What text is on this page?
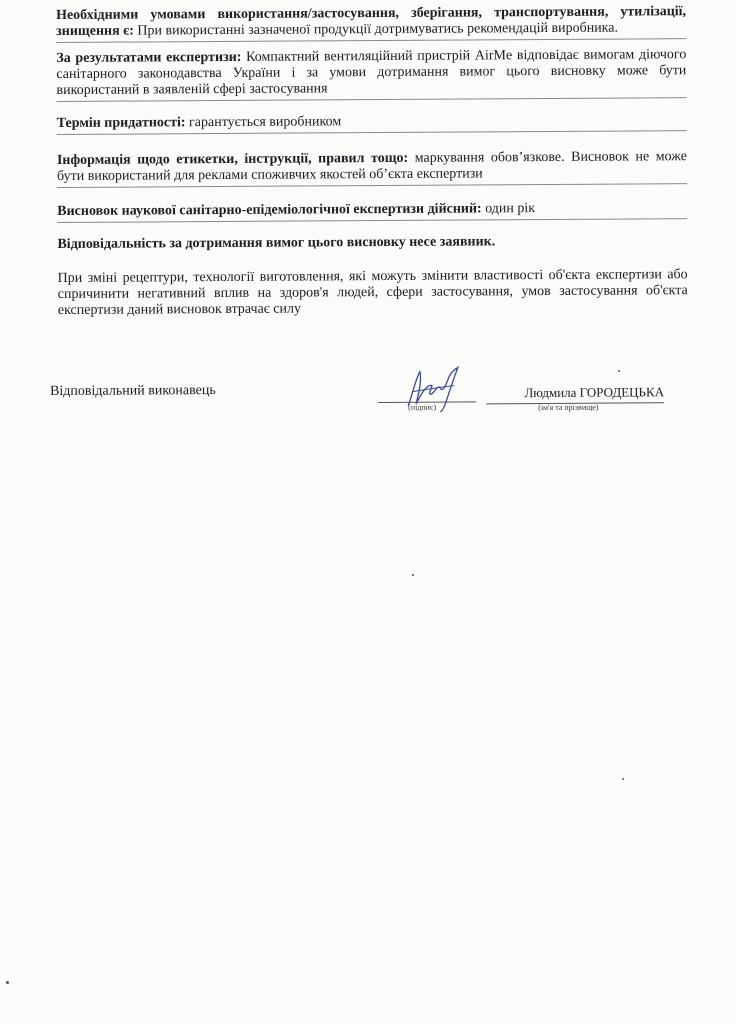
Необхідними умовами використання/застосування, зберігання, транспортування, утилізації, знищення є: При використанні зазначеної продукції дотримуватись рекомендацій виробника.
За результатами експертизи: Компактний вентиляційний пристрій AirMe відповідає вимогам діючого санітарного законодавства України і за умови дотримання вимог цього висновку може бути використаний в заявленій сфері застосування
Термін придатності: гарантується виробником
Інформація щодо етикетки, інструкції, правил тощо: маркування обов’язкове. Висновок не може бути використаний для реклами споживчих якостей об’єкта експертизи
Висновок наукової санітарно-епідеміологічної експертизи дійсний: один рік
Відповідальність за дотримання вимог цього висновку несе заявник.
При зміні рецептури, технології виготовлення, які можуть змінити властивості об'єкта експертизи або спричинити негативний вплив на здоров'я людей, сфери застосування, умов застосування об'єкта експертизи даний висновок втрачає силу
Відповідальний виконавець
(підпис)
Людмила ГОРОДЕЦЬКА
(ім'я та прізвище)
